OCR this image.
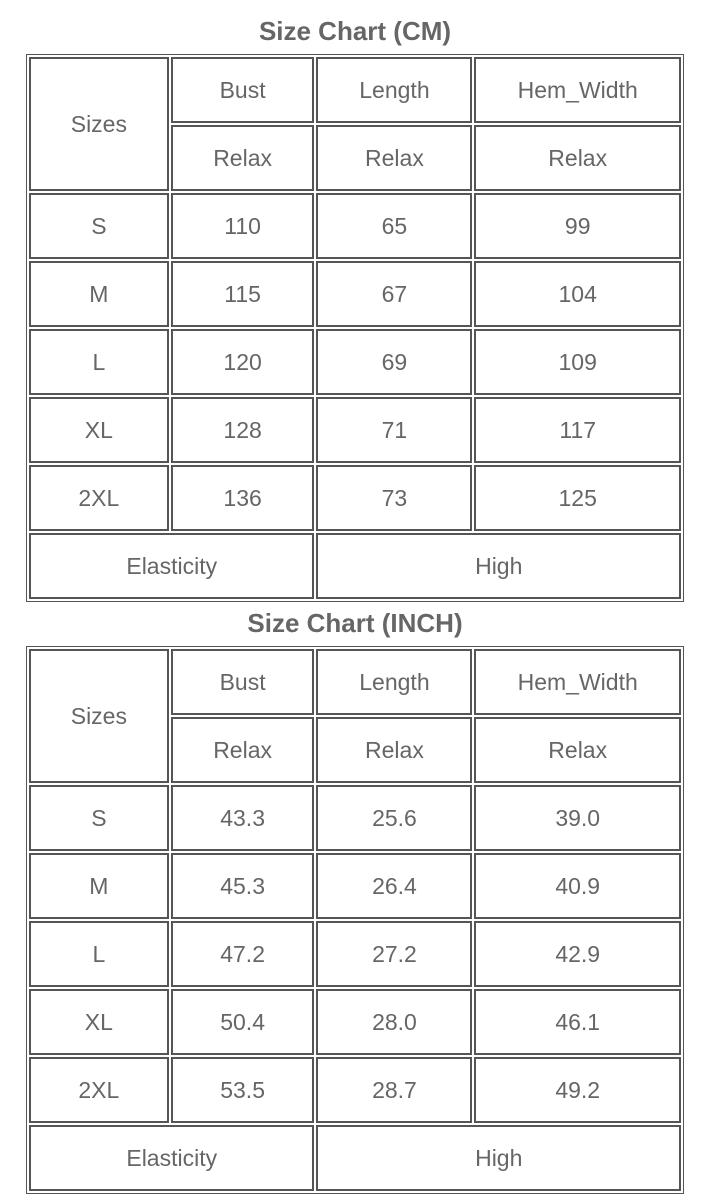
Size Chart (CM)
Sizes	Bust	Length	Hem_Width
	Relax	Relax	Relax
S	110	65	99
M	115	67	104
L	120	69	109
XL	128	71	117
2XL	136	73	125
Elasticity		High	
Size Chart (INCH)
Sizes	Bust	Length	Hem_Width
	Relax	Relax	Relax
S	43.3	25.6	39.0
M	45.3	26.4	40.9
L	47.2	27.2	42.9
XL	50.4	28.0	46.1
2XL	53.5	28.7	49.2
Elasticity		High	
